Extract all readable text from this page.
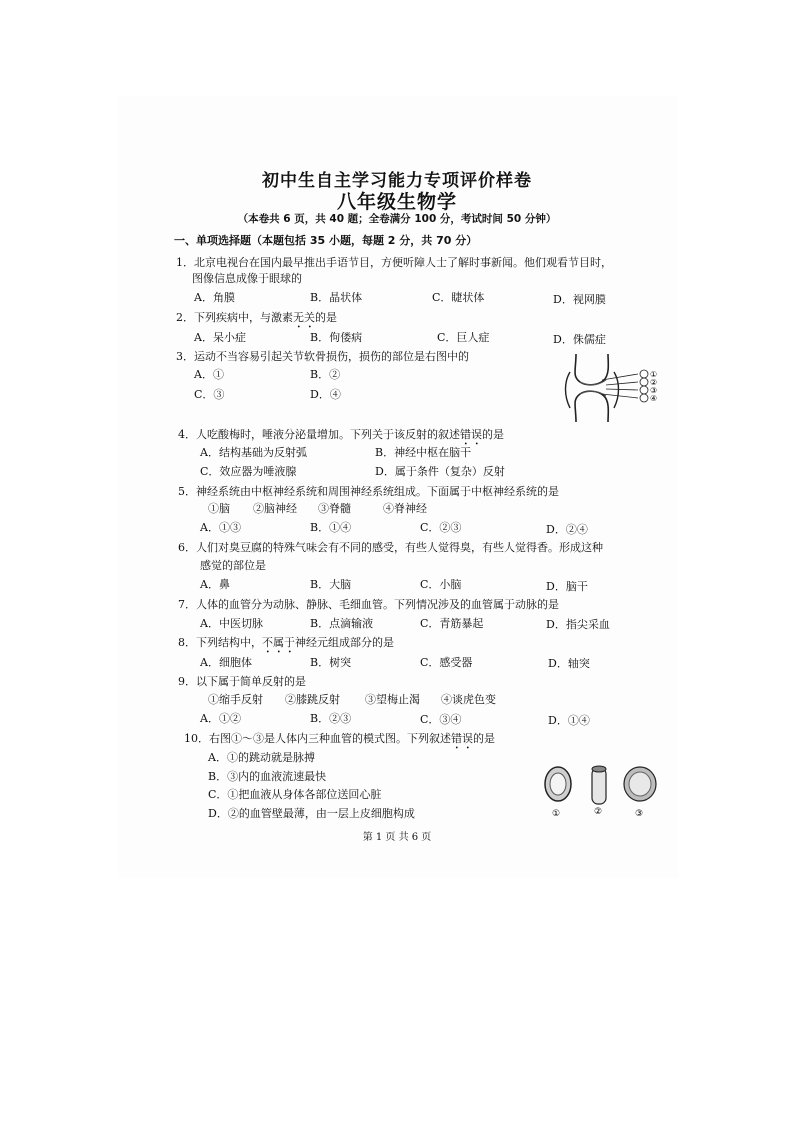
初中生自主学习能力专项评价样卷
八年级生物学
（本卷共 6 页，共 40 题；全卷满分 100 分，考试时间 50 分钟）
一、单项选择题（本题包括 35 小题，每题 2 分，共 70 分）
1．北京电视台在国内最早推出手语节目，方便听障人士了解时事新闻。他们观看节目时，
图像信息成像于眼球的
A．角膜	B．晶状体	C．睫状体	D．视网膜
2．下列疾病中，与激素无关的是
A．呆小症	B．佝偻病	C．巨人症	D．侏儒症
3．运动不当容易引起关节软骨损伤，损伤的部位是右图中的
A．①	B．②
C．③	D．④
①
②
③
④
4．人吃酸梅时，唾液分泌量增加。下列关于该反射的叙述错误的是
A．结构基础为反射弧	B．神经中枢在脑干
C．效应器为唾液腺	D．属于条件（复杂）反射
5．神经系统由中枢神经系统和周围神经系统组成。下面属于中枢神经系统的是
①脑 ②脑神经 ③脊髓	④脊神经
A．①③	B．①④	C．②③	D．②④
6．人们对臭豆腐的特殊气味会有不同的感受，有些人觉得臭，有些人觉得香。形成这种
感觉的部位是
A．鼻	B．大脑	C．小脑	D．脑干
7．人体的血管分为动脉、静脉、毛细血管。下列情况涉及的血管属于动脉的是
A．中医切脉	B．点滴输液	C．青筋暴起	D．指尖采血
8．下列结构中，不属于神经元组成部分的是
A．细胞体	B．树突	C．感受器	D．轴突
9．以下属于简单反射的是
①缩手反射 ②膝跳反射 ③望梅止渴 ④谈虎色变
A．①②	B．②③	C．③④	D．①④
10．右图①～③是人体内三种血管的模式图。下列叙述错误的是
A．①的跳动就是脉搏
B．③内的血液流速最快
C．①把血液从身体各部位送回心脏
D．②的血管壁最薄，由一层上皮细胞构成	①	②	③
第 1 页 共 6 页
